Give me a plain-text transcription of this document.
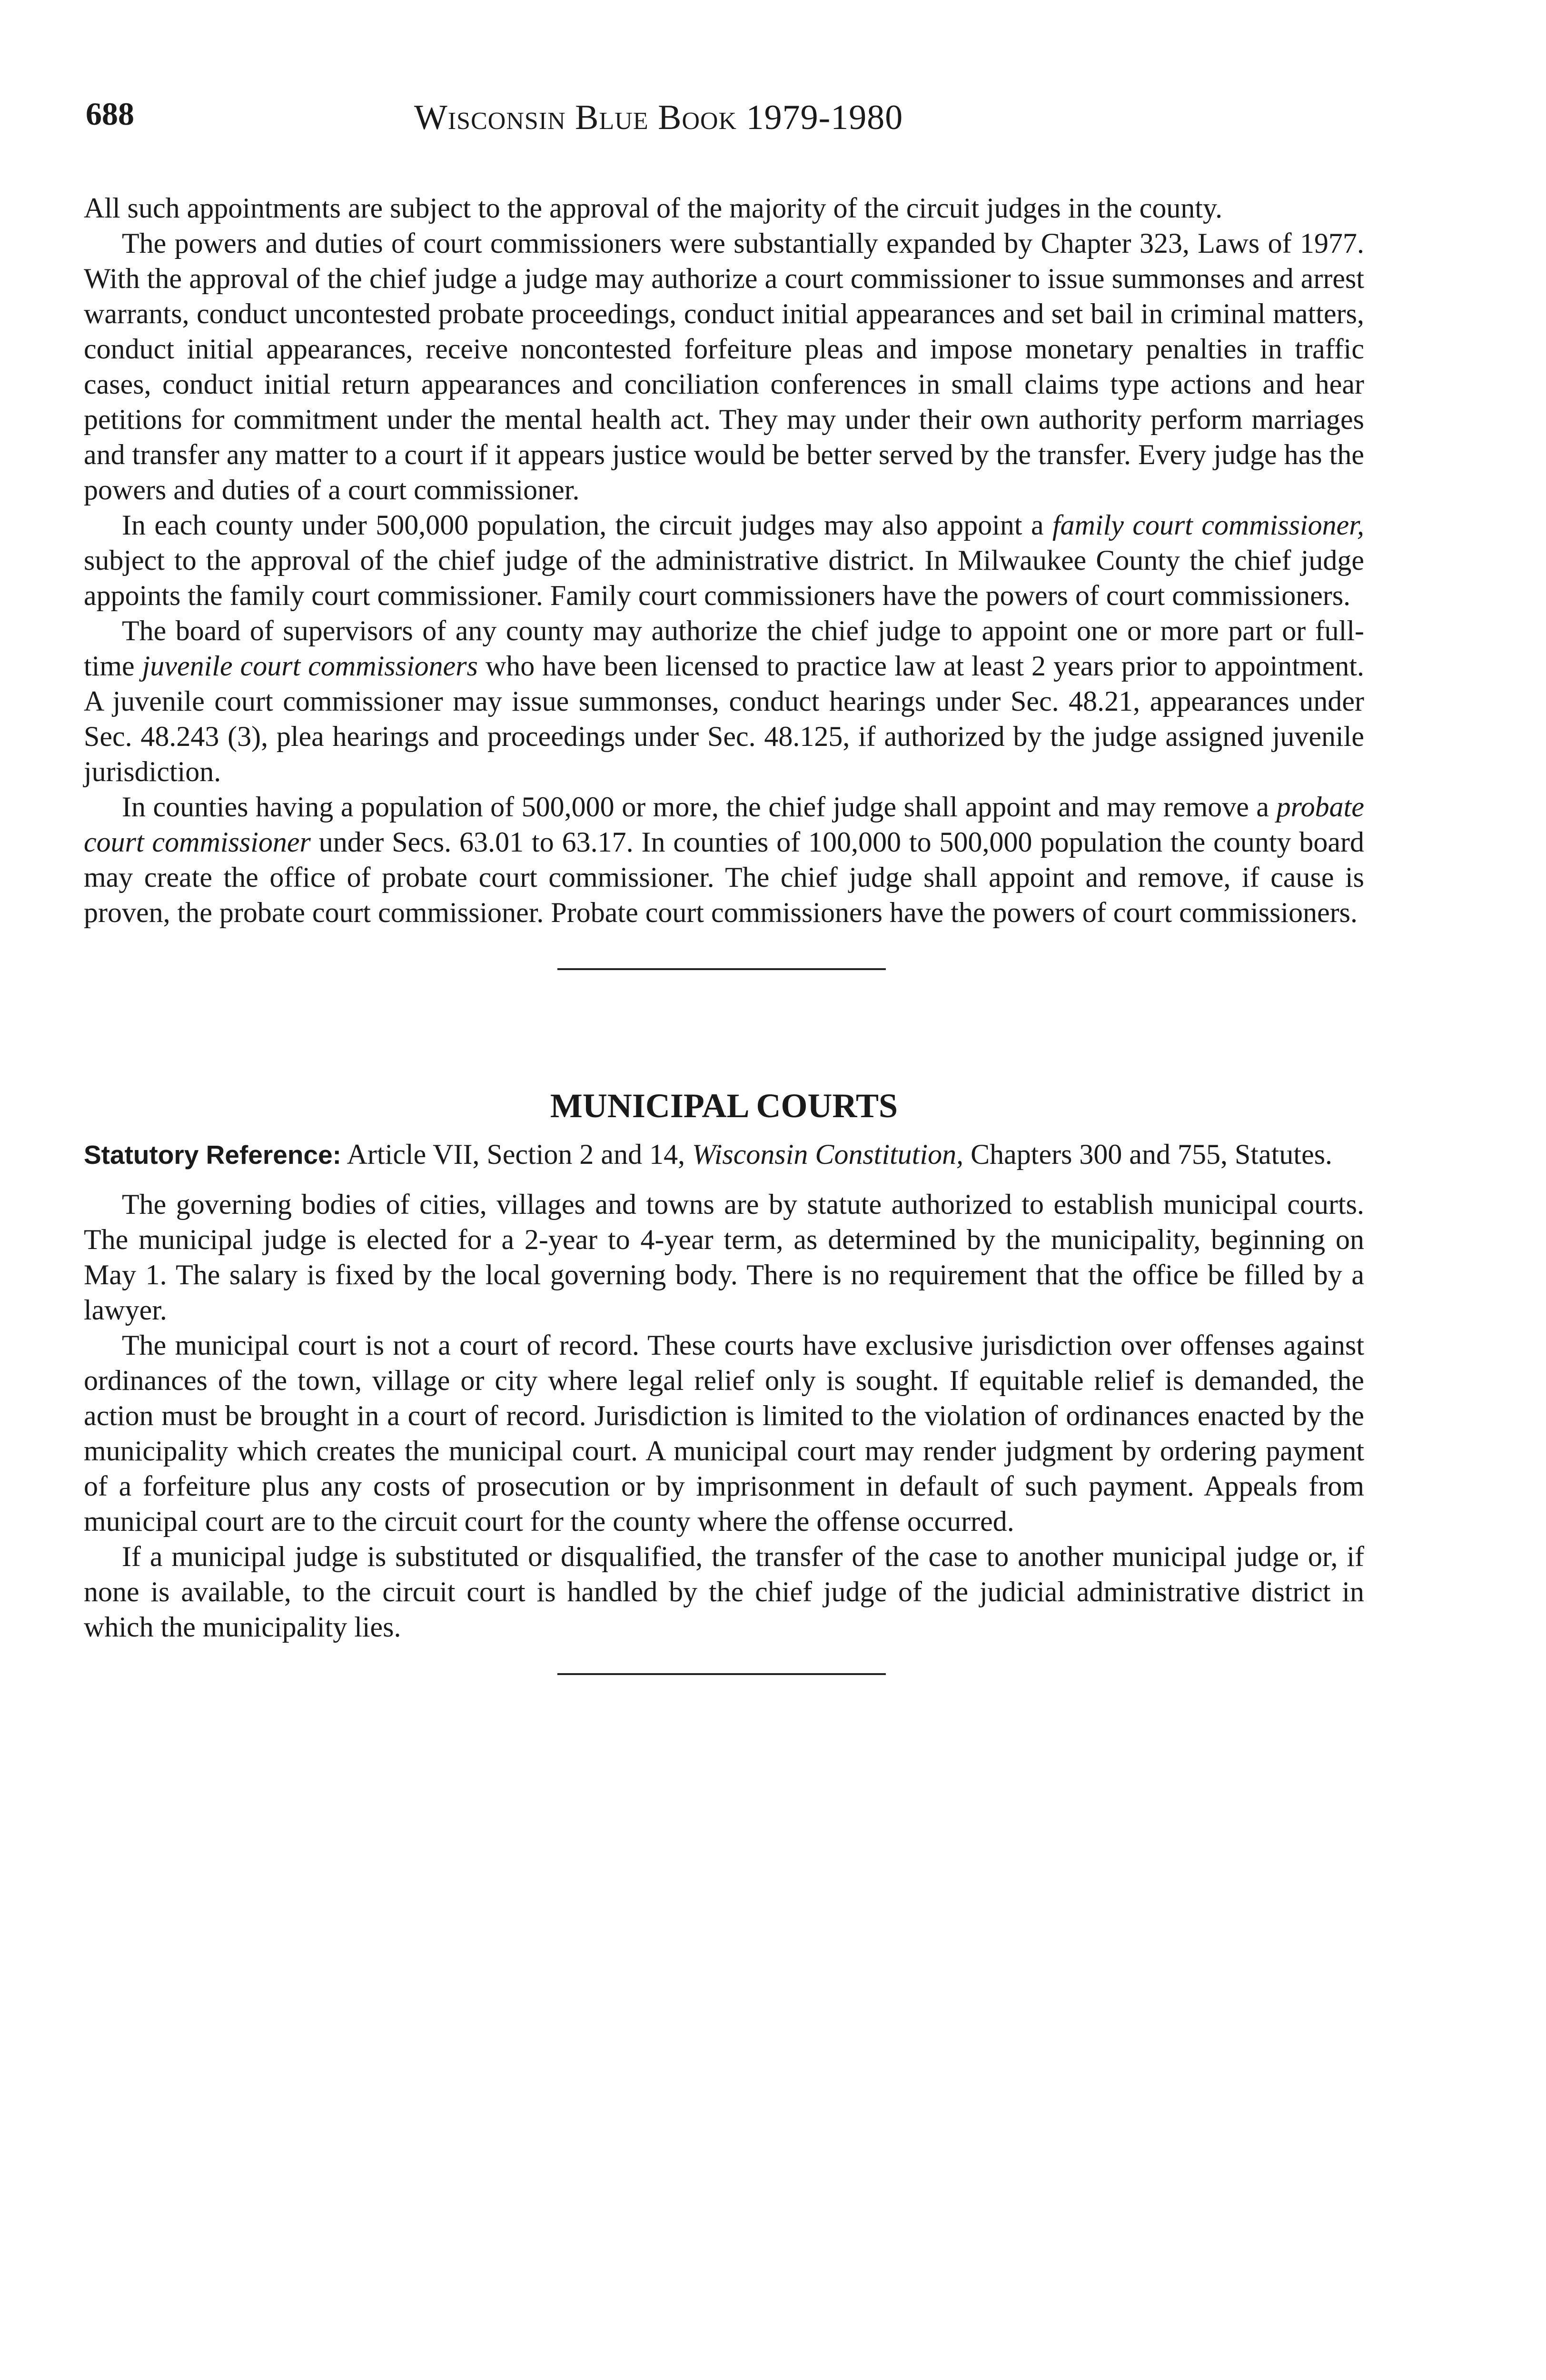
688	Wisconsin Blue Book 1979-1980

All such appointments are subject to the approval of the majority of the circuit judges in the county.

The powers and duties of court commissioners were substantially expanded by Chapter 323, Laws of 1977. With the approval of the chief judge a judge may authorize a court commissioner to issue summonses and arrest warrants, conduct uncontested probate proceedings, conduct initial appearances and set bail in criminal matters, conduct initial appearances, receive noncontested forfeiture pleas and impose monetary penalties in traffic cases, conduct initial return appearances and conciliation conferences in small claims type actions and hear petitions for commitment under the mental health act. They may under their own authority perform marriages and transfer any matter to a court if it appears justice would be better served by the transfer. Every judge has the powers and duties of a court commissioner.

In each county under 500,000 population, the circuit judges may also appoint a family court commissioner, subject to the approval of the chief judge of the administrative district. In Milwaukee County the chief judge appoints the family court commissioner. Family court commissioners have the powers of court commissioners.

The board of supervisors of any county may authorize the chief judge to appoint one or more part or full-time juvenile court commissioners who have been licensed to practice law at least 2 years prior to appointment. A juvenile court commissioner may issue summonses, conduct hearings under Sec. 48.21, appearances under Sec. 48.243 (3), plea hearings and proceedings under Sec. 48.125, if authorized by the judge assigned juvenile jurisdiction.

In counties having a population of 500,000 or more, the chief judge shall appoint and may remove a probate court commissioner under Secs. 63.01 to 63.17. In counties of 100,000 to 500,000 population the county board may create the office of probate court commissioner. The chief judge shall appoint and remove, if cause is proven, the probate court commissioner. Probate court commissioners have the powers of court commissioners.

MUNICIPAL COURTS

Statutory Reference: Article VII, Section 2 and 14, Wisconsin Constitution, Chapters 300 and 755, Statutes.

The governing bodies of cities, villages and towns are by statute authorized to establish municipal courts. The municipal judge is elected for a 2-year to 4-year term, as determined by the municipality, beginning on May 1. The salary is fixed by the local governing body. There is no requirement that the office be filled by a lawyer.

The municipal court is not a court of record. These courts have exclusive jurisdiction over offenses against ordinances of the town, village or city where legal relief only is sought. If equitable relief is demanded, the action must be brought in a court of record. Jurisdiction is limited to the violation of ordinances enacted by the municipality which creates the municipal court. A municipal court may render judgment by ordering payment of a forfeiture plus any costs of prosecution or by imprisonment in default of such payment. Appeals from municipal court are to the circuit court for the county where the offense occurred.

If a municipal judge is substituted or disqualified, the transfer of the case to another municipal judge or, if none is available, to the circuit court is handled by the chief judge of the judicial administrative district in which the municipality lies.
